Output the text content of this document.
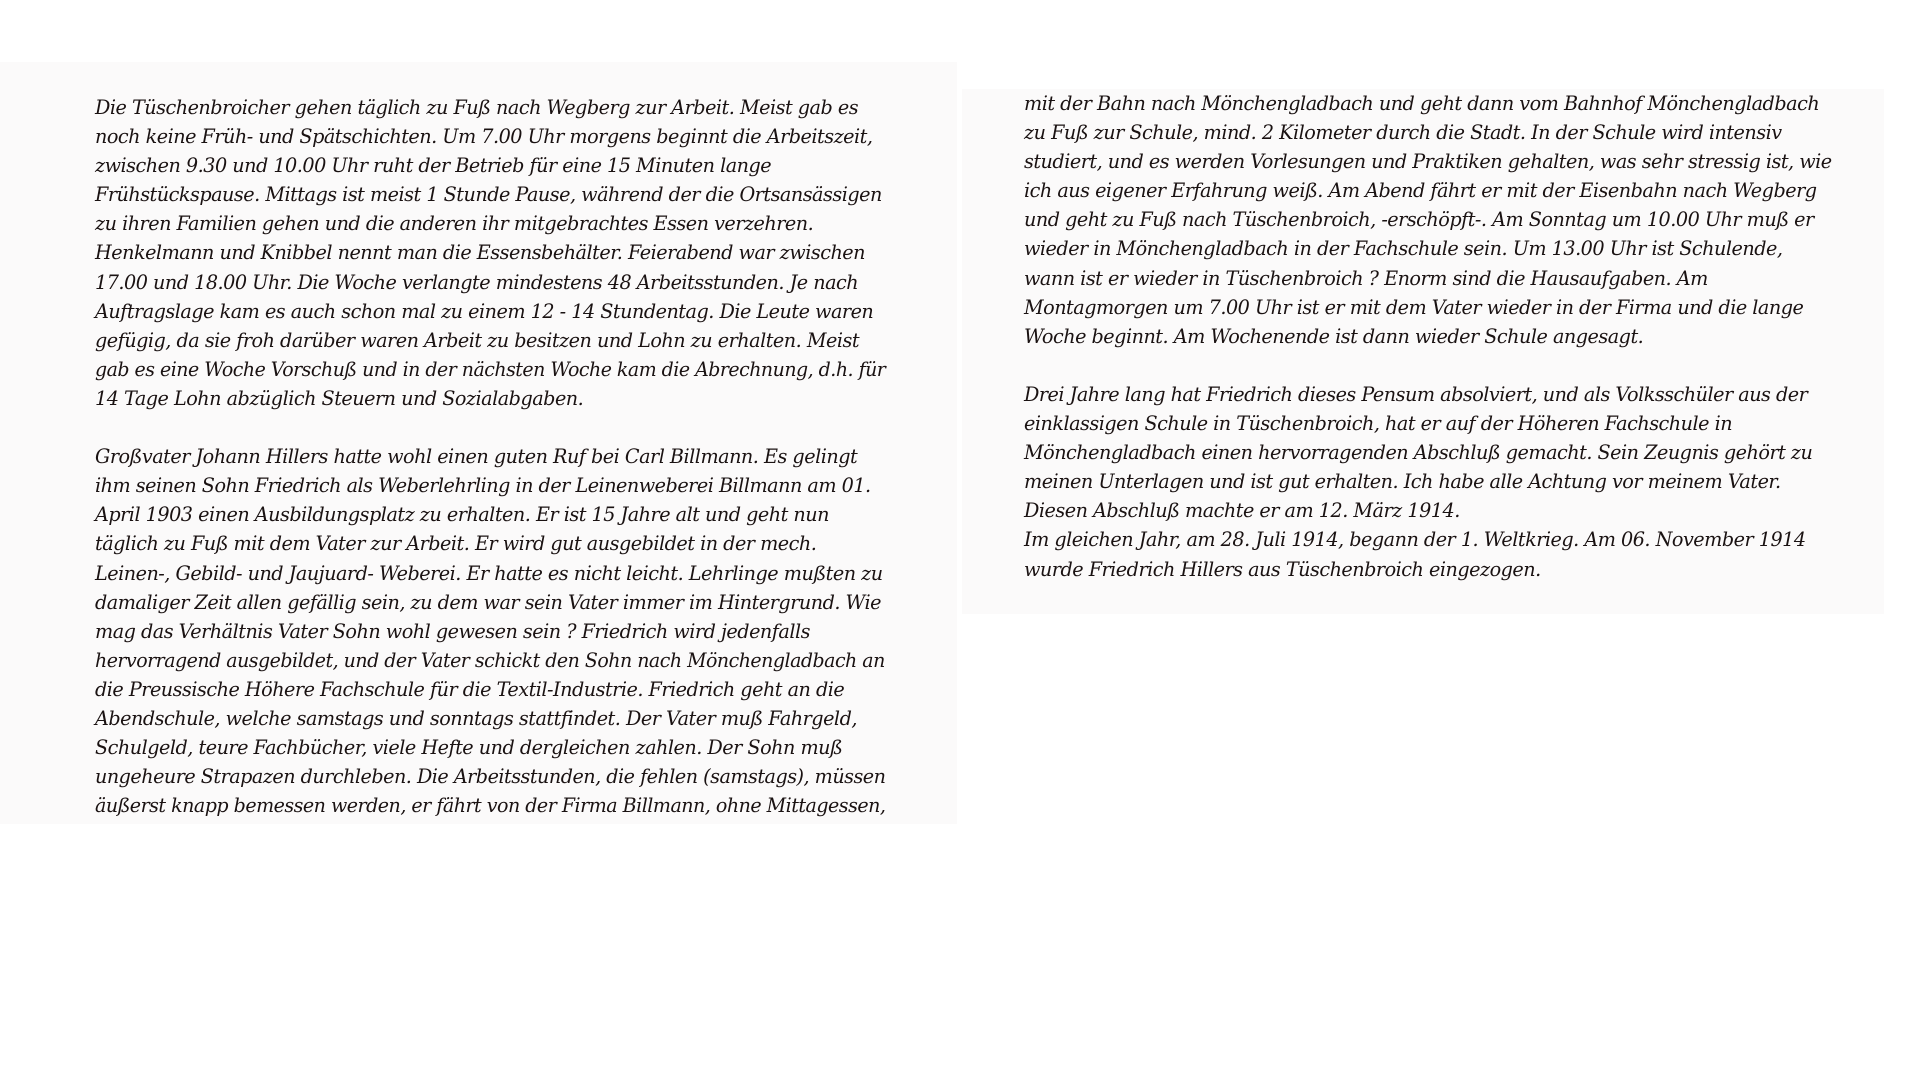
Die Tüschenbroicher gehen täglich zu Fuß nach Wegberg zur Arbeit. Meist gab es
noch keine Früh- und Spätschichten. Um 7.00 Uhr morgens beginnt die Arbeitszeit,
zwischen 9.30 und 10.00 Uhr ruht der Betrieb für eine 15 Minuten lange
Frühstückspause. Mittags ist meist 1 Stunde Pause, während der die Ortsansässigen
zu ihren Familien gehen und die anderen ihr mitgebrachtes Essen verzehren.
Henkelmann und Knibbel nennt man die Essensbehälter. Feierabend war zwischen
17.00 und 18.00 Uhr. Die Woche verlangte mindestens 48 Arbeitsstunden. Je nach
Auftragslage kam es auch schon mal zu einem 12 - 14 Stundentag. Die Leute waren
gefügig, da sie froh darüber waren Arbeit zu besitzen und Lohn zu erhalten. Meist
gab es eine Woche Vorschuß und in der nächsten Woche kam die Abrechnung, d.h. für
14 Tage Lohn abzüglich Steuern und Sozialabgaben.
Großvater Johann Hillers hatte wohl einen guten Ruf bei Carl Billmann. Es gelingt
ihm seinen Sohn Friedrich als Weberlehrling in der Leinenweberei Billmann am 01.
April 1903 einen Ausbildungsplatz zu erhalten. Er ist 15 Jahre alt und geht nun
täglich zu Fuß mit dem Vater zur Arbeit. Er wird gut ausgebildet in der mech.
Leinen-, Gebild- und Jaujuard- Weberei. Er hatte es nicht leicht. Lehrlinge mußten zu
damaliger Zeit allen gefällig sein, zu dem war sein Vater immer im Hintergrund. Wie
mag das Verhältnis Vater Sohn wohl gewesen sein ? Friedrich wird jedenfalls
hervorragend ausgebildet, und der Vater schickt den Sohn nach Mönchengladbach an
die Preussische Höhere Fachschule für die Textil-Industrie. Friedrich geht an die
Abendschule, welche samstags und sonntags stattfindet. Der Vater muß Fahrgeld,
Schulgeld, teure Fachbücher, viele Hefte und dergleichen zahlen. Der Sohn muß
ungeheure Strapazen durchleben. Die Arbeitsstunden, die fehlen (samstags), müssen
äußerst knapp bemessen werden, er fährt von der Firma Billmann, ohne Mittagessen,
mit der Bahn nach Mönchengladbach und geht dann vom Bahnhof Mönchengladbach
zu Fuß zur Schule, mind. 2 Kilometer durch die Stadt. In der Schule wird intensiv
studiert, und es werden Vorlesungen und Praktiken gehalten, was sehr stressig ist, wie
ich aus eigener Erfahrung weiß. Am Abend fährt er mit der Eisenbahn nach Wegberg
und geht zu Fuß nach Tüschenbroich, -erschöpft-. Am Sonntag um 10.00 Uhr muß er
wieder in Mönchengladbach in der Fachschule sein. Um 13.00 Uhr ist Schulende,
wann ist er wieder in Tüschenbroich ? Enorm sind die Hausaufgaben. Am
Montagmorgen um 7.00 Uhr ist er mit dem Vater wieder in der Firma und die lange
Woche beginnt. Am Wochenende ist dann wieder Schule angesagt.
Drei Jahre lang hat Friedrich dieses Pensum absolviert, und als Volksschüler aus der
einklassigen Schule in Tüschenbroich, hat er auf der Höheren Fachschule in
Mönchengladbach einen hervorragenden Abschluß gemacht. Sein Zeugnis gehört zu
meinen Unterlagen und ist gut erhalten. Ich habe alle Achtung vor meinem Vater.
Diesen Abschluß machte er am 12. März 1914.
Im gleichen Jahr, am 28. Juli 1914, begann der 1. Weltkrieg. Am 06. November 1914
wurde Friedrich Hillers aus Tüschenbroich eingezogen.
